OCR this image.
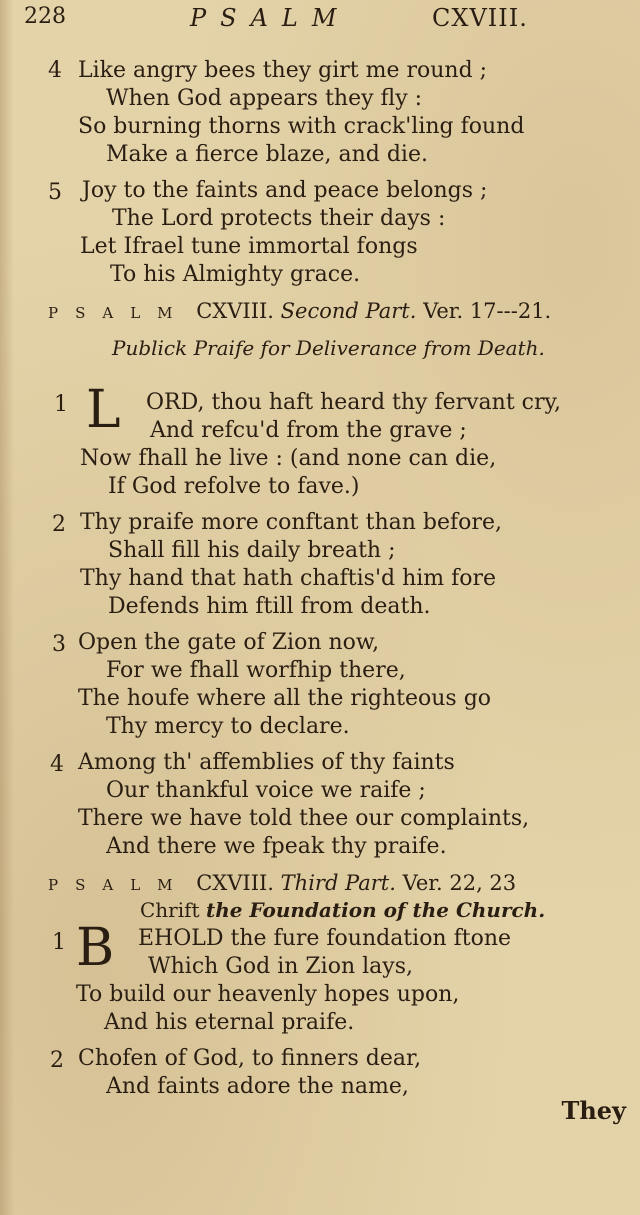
228	PSALM	CXVIII.
4 Like angry bees they girt me round ;
When God appears they fly :
So burning thorns with crack'ling found
Make a fierce blaze, and die.
5 Joy to the faints and peace belongs ;
The Lord protects their days :
Let Ifrael tune immortal fongs
To his Almighty grace.
PSALM CXVIII. Second Part. Ver. 17---21.
Publick Praife for Deliverance from Death.
1 L ORD, thou haft heard thy fervant cry,
And refcu'd from the grave ;
Now fhall he live : (and none can die,
If God refolve to fave.)
2 Thy praife more conftant than before,
Shall fill his daily breath ;
Thy hand that hath chaftis'd him fore
Defends him ftill from death.
3 Open the gate of Zion now,
For we fhall worfhip there,
The houfe where all the righteous go
Thy mercy to declare.
4 Among th' affemblies of thy faints
Our thankful voice we raife ;
There we have told thee our complaints,
And there we fpeak thy praife.
PSALM CXVIII. Third Part. Ver. 22, 23
Chrift the Foundation of the Church.
1 B EHOLD the fure foundation ftone
Which God in Zion lays,
To build our heavenly hopes upon,
And his eternal praife.
2 Chofen of God, to finners dear,
And faints adore the name,
They
